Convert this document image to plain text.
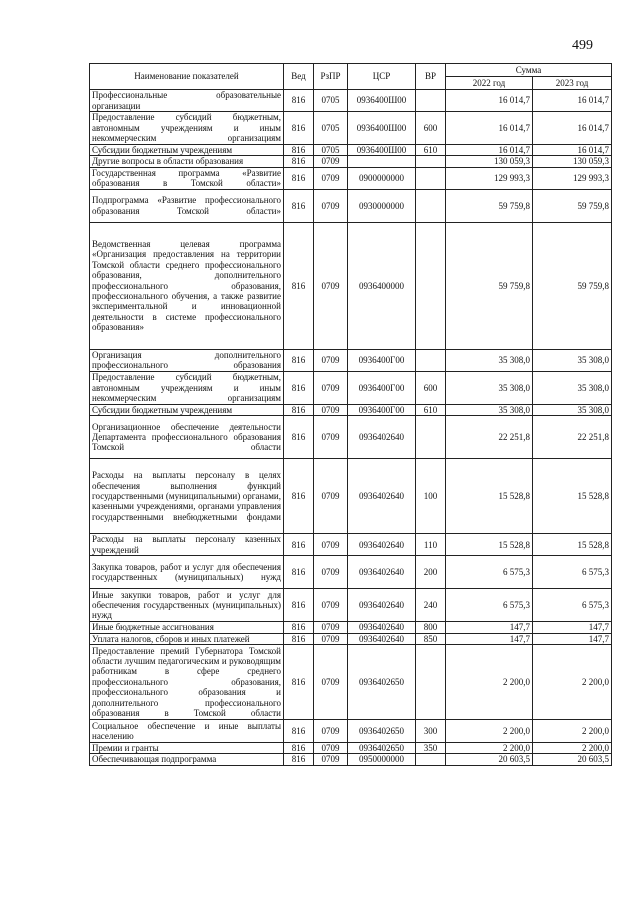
499
Наименование показателей	Вед	РзПР	ЦСР	ВР	Сумма	
					2022 год	2023 год
Профессиональные образовательные организации	816	0705	0936400Ш00		16 014,7	16 014,7
Предоставление субсидий бюджетным, автономным учреждениям и иным некоммерческим организациям	816	0705	0936400Ш00	600	16 014,7	16 014,7
Субсидии бюджетным учреждениям	816	0705	0936400Ш00	610	16 014,7	16 014,7
Другие вопросы в области образования	816	0709			130 059,3	130 059,3
Государственная программа «Развитие образования в Томской области»	816	0709	0900000000		129 993,3	129 993,3
Подпрограмма «Развитие профессионального образования Томской области»	816	0709	0930000000		59 759,8	59 759,8
Ведомственная целевая программа «Организация предоставления на территории Томской области среднего профессионального образования, дополнительного профессионального образования, профессионального обучения, а также развитие экспериментальной и инновационной деятельности в системе профессионального образования»	816	0709	0936400000		59 759,8	59 759,8
Организация дополнительного профессионального образования	816	0709	0936400Г00		35 308,0	35 308,0
Предоставление субсидий бюджетным, автономным учреждениям и иным некоммерческим организациям	816	0709	0936400Г00	600	35 308,0	35 308,0
Субсидии бюджетным учреждениям	816	0709	0936400Г00	610	35 308,0	35 308,0
Организационное обеспечение деятельности Департамента профессионального образования Томской области	816	0709	0936402640		22 251,8	22 251,8
Расходы на выплаты персоналу в целях обеспечения выполнения функций государственными (муниципальными) органами, казенными учреждениями, органами управления государственными внебюджетными фондами	816	0709	0936402640	100	15 528,8	15 528,8
Расходы на выплаты персоналу казенных учреждений	816	0709	0936402640	110	15 528,8	15 528,8
Закупка товаров, работ и услуг для обеспечения государственных (муниципальных) нужд	816	0709	0936402640	200	6 575,3	6 575,3
Иные закупки товаров, работ и услуг для обеспечения государственных (муниципальных) нужд	816	0709	0936402640	240	6 575,3	6 575,3
Иные бюджетные ассигнования	816	0709	0936402640	800	147,7	147,7
Уплата налогов, сборов и иных платежей	816	0709	0936402640	850	147,7	147,7
Предоставление премий Губернатора Томской области лучшим педагогическим и руководящим работникам в сфере среднего профессионального образования, профессионального образования и дополнительного профессионального образования в Томской области	816	0709	0936402650		2 200,0	2 200,0
Социальное обеспечение и иные выплаты населению	816	0709	0936402650	300	2 200,0	2 200,0
Премии и гранты	816	0709	0936402650	350	2 200,0	2 200,0
Обеспечивающая подпрограмма	816	0709	0950000000		20 603,5	20 603,5
